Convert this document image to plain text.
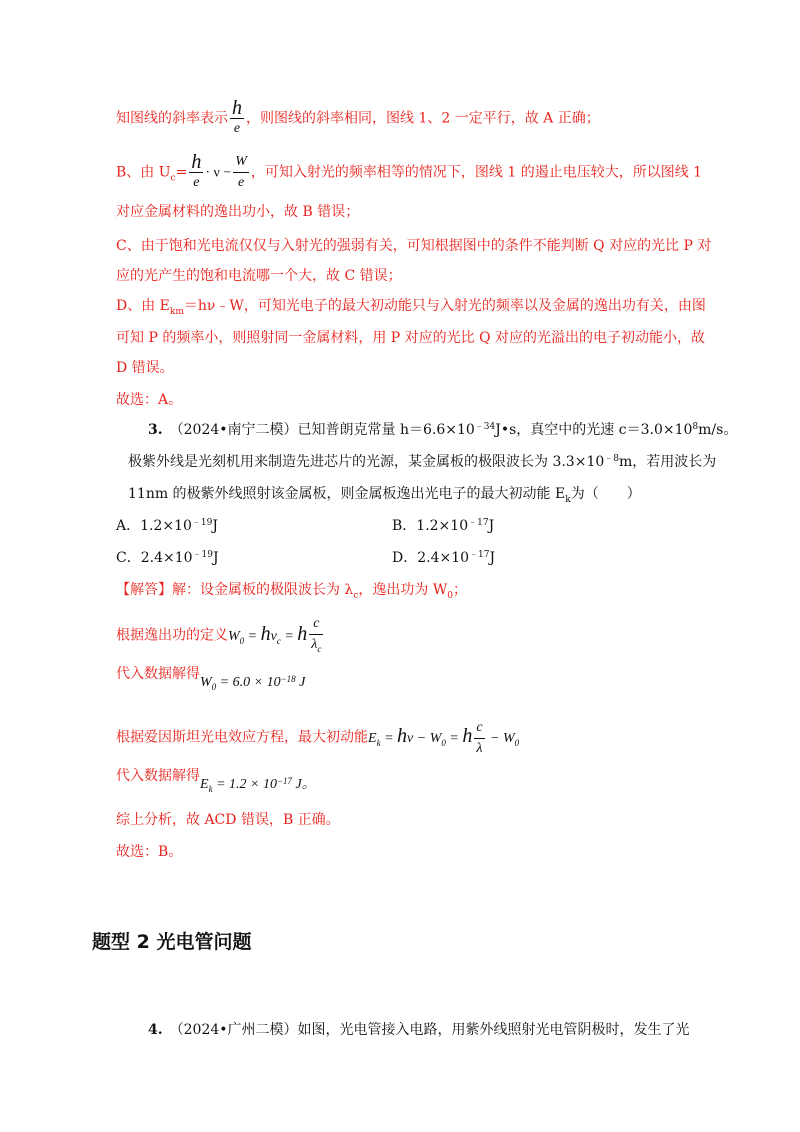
知图线的斜率表示 $\frac{h}{e}$ ，则图线的斜率相同，图线 1、2 一定平行，故 A 正确；
B、由 $U_c= \frac{h}{e} \cdot \nu - \frac{W}{e}$ ，可知入射光的频率相等的情况下，图线 1 的遏止电压较大，所以图线 1
对应金属材料的逸出功小，故 B 错误；
C、由于饱和光电流仅仅与入射光的强弱有关，可知根据图中的条件不能判断 Q 对应的光比 P 对
应的光产生的饱和电流哪一个大，故 C 错误；
D、由 $E_{km}=h\nu﹣W$，可知光电子的最大初动能只与入射光的频率以及金属的逸出功有关，由图
可知 P 的频率小，则照射同一金属材料，用 P 对应的光比 Q 对应的光溢出的电子初动能小，故
D 错误。
故选：A。
3.　 （2024•南宁二模）已知普朗克常量 $h=6.6\times 10^{﹣34}J•s$，真空中的光速 $c=3.0\times 10^8m/s$。
极紫外线是光刻机用来制造先进芯片的光源，某金属板的极限波长为 $3.3\times 10^{﹣8}m$，若用波长为
11nm 的极紫外线照射该金属板，则金属板逸出光电子的最大初动能 $E_k$为（　　）
A．$1.2\times 10^{﹣19}J$	B．$1.2\times 10^{﹣17}J$
C．$2.4\times 10^{﹣19}J$	D．$2.4\times 10^{﹣17}J$
【解答】解：设金属板的极限波长为 $\lambda_c$，逸出功为 $W_0$；
根据逸出功的定义$W_0 = h\nu_c = h \frac{c}{\lambda_c}$
代入数据解得$W_0 = 6.0 \times 10^{-18}$ J
根据爱因斯坦光电效应方程，最大初动能$E_k = h\nu - W_0 = h \frac{c}{\lambda} - W_0$
代入数据解得$E_k = 1.2 \times 10^{-17}$ J。
综上分析，故 ACD 错误，B 正确。
故选：B。
题型 2 光电管问题
4.　 （2024•广州二模）如图，光电管接入电路，用紫外线照射光电管阴极时，发生了光
